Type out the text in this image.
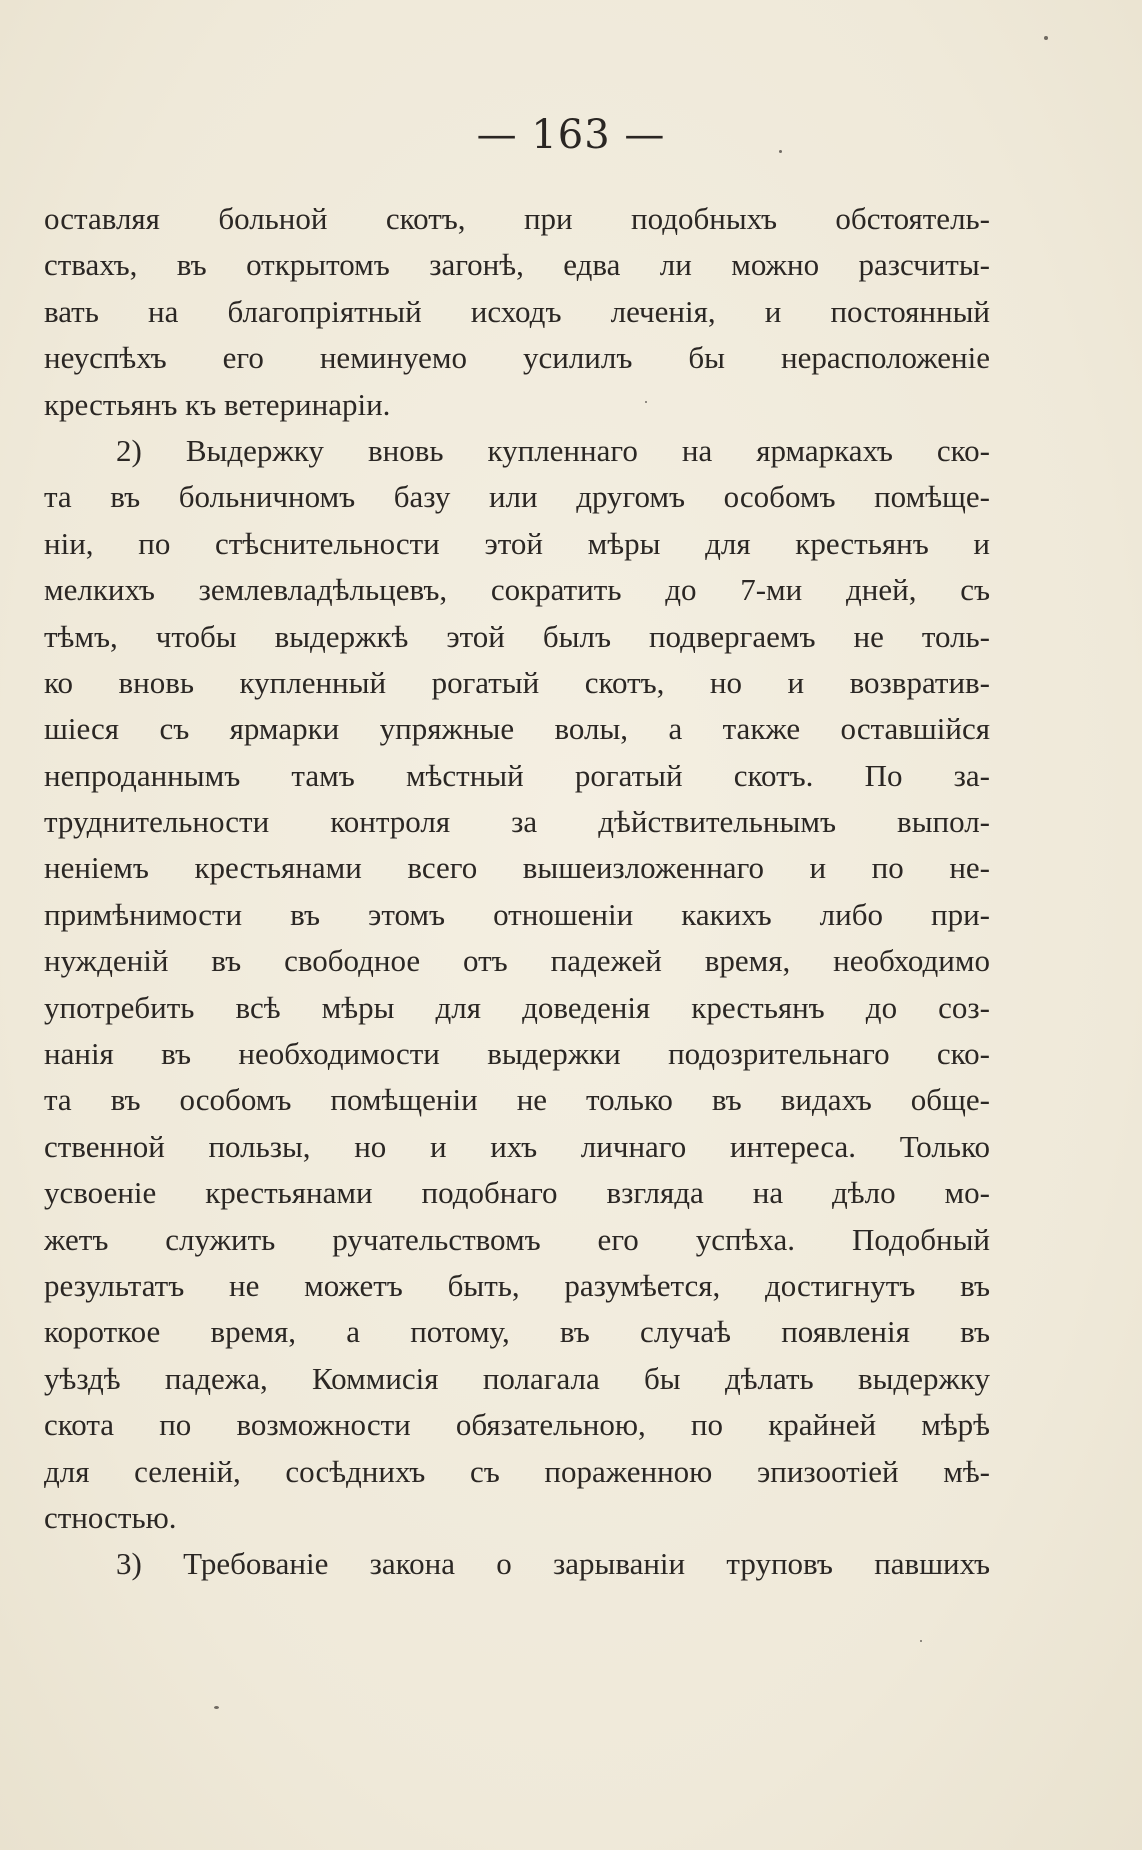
— 163 —
оставляя больной скотъ, при подобныхъ обстоятель-
ствахъ, въ открытомъ загонѣ, едва ли можно разсчиты-
вать на благопріятный исходъ леченія, и постоянный
неуспѣхъ его неминуемо усилилъ бы нерасположеніе
крестьянъ къ ветеринаріи.
2) Выдержку вновь купленнаго на ярмаркахъ ско-
та въ больничномъ базу или другомъ особомъ помѣще-
ніи, по стѣснительности этой мѣры для крестьянъ и
мелкихъ землевладѣльцевъ, сократить до 7-ми дней, съ
тѣмъ, чтобы выдержкѣ этой былъ подвергаемъ не толь-
ко вновь купленный рогатый скотъ, но и возвратив-
шіеся съ ярмарки упряжные волы, а также оставшійся
непроданнымъ тамъ мѣстный рогатый скотъ. По за-
труднительности контроля за дѣйствительнымъ выпол-
неніемъ крестьянами всего вышеизложеннаго и по не-
примѣнимости въ этомъ отношеніи какихъ либо при-
нужденій въ свободное отъ падежей время, необходимо
употребить всѣ мѣры для доведенія крестьянъ до соз-
нанія въ необходимости выдержки подозрительнаго ско-
та въ особомъ помѣщеніи не только въ видахъ обще-
ственной пользы, но и ихъ личнаго интереса. Только
усвоеніе крестьянами подобнаго взгляда на дѣло мо-
жетъ служить ручательствомъ его успѣха. Подобный
результатъ не можетъ быть, разумѣется, достигнутъ въ
короткое время, а потому, въ случаѣ появленія въ
уѣздѣ падежа, Коммисія полагала бы дѣлать выдержку
скота по возможности обязательною, по крайней мѣрѣ
для селеній, сосѣднихъ съ пораженною эпизоотіей мѣ-
стностью.
3) Требованіе закона о зарываніи труповъ павшихъ
